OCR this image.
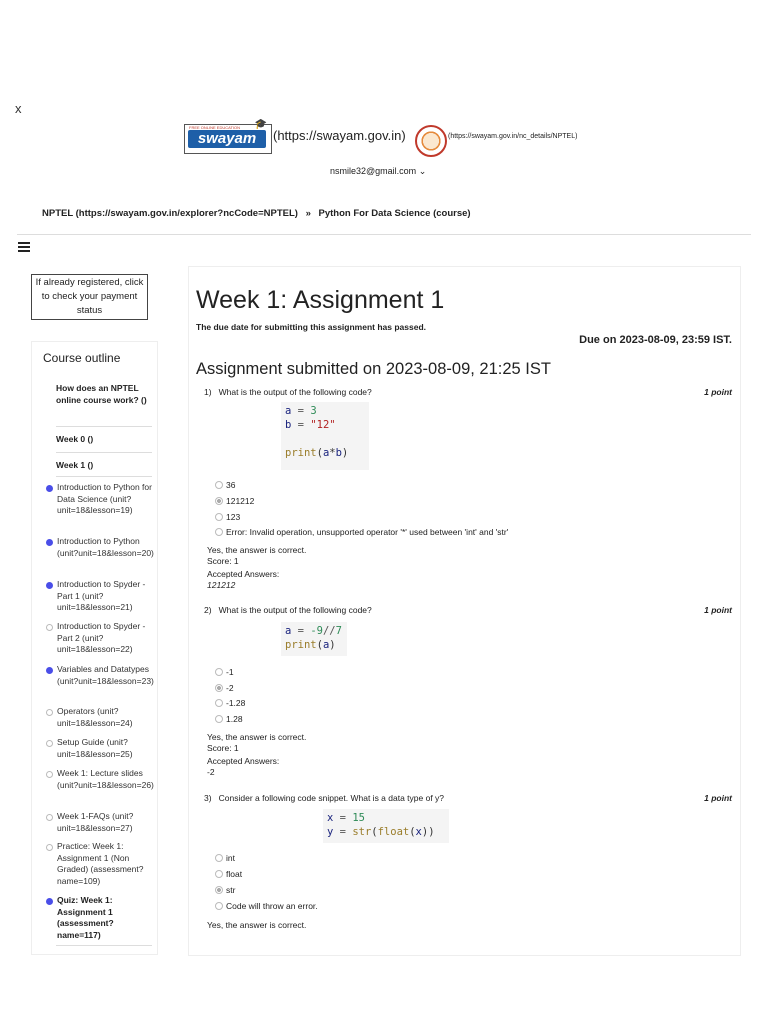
x
FREE ONLINE EDUCATION 🎓
swayam	(https://swayam.gov.in)	(https://swayam.gov.in/nc_details/NPTEL)
nsmile32@gmail.com ⌄
NPTEL (https://swayam.gov.in/explorer?ncCode=NPTEL) » Python For Data Science (course)
If already registered, click to check your payment status
Course outline
How does an NPTEL online course work? ()
Week 0 ()
Week 1 ()
Introduction to Python for Data Science (unit?unit=18&lesson=19)
Introduction to Python (unit?unit=18&lesson=20)
Introduction to Spyder - Part 1 (unit?unit=18&lesson=21)
Introduction to Spyder - Part 2 (unit?unit=18&lesson=22)
Variables and Datatypes (unit?unit=18&lesson=23)
Operators (unit?unit=18&lesson=24)
Setup Guide (unit?unit=18&lesson=25)
Week 1: Lecture slides (unit?unit=18&lesson=26)
Week 1-FAQs (unit?unit=18&lesson=27)
Practice: Week 1: Assignment 1 (Non Graded) (assessment?name=109)
Quiz: Week 1: Assignment 1 (assessment?name=117)
Week 1: Assignment 1
The due date for submitting this assignment has passed.
Due on 2023-08-09, 23:59 IST.
Assignment submitted on 2023-08-09, 21:25 IST
1) What is the output of the following code?	1 point
a = 3
b = "12"

print(a*b)
36
121212
123
Error: Invalid operation, unsupported operator '*' used between 'int' and 'str'
Yes, the answer is correct.
Score: 1
Accepted Answers:
121212
2) What is the output of the following code?	1 point
a = -9//7
print(a)
-1
-2
-1.28
1.28
Yes, the answer is correct.
Score: 1
Accepted Answers:
-2
3) Consider a following code snippet. What is a data type of y?	1 point
x = 15
y = str(float(x))
int
float
str
Code will throw an error.
Yes, the answer is correct.
